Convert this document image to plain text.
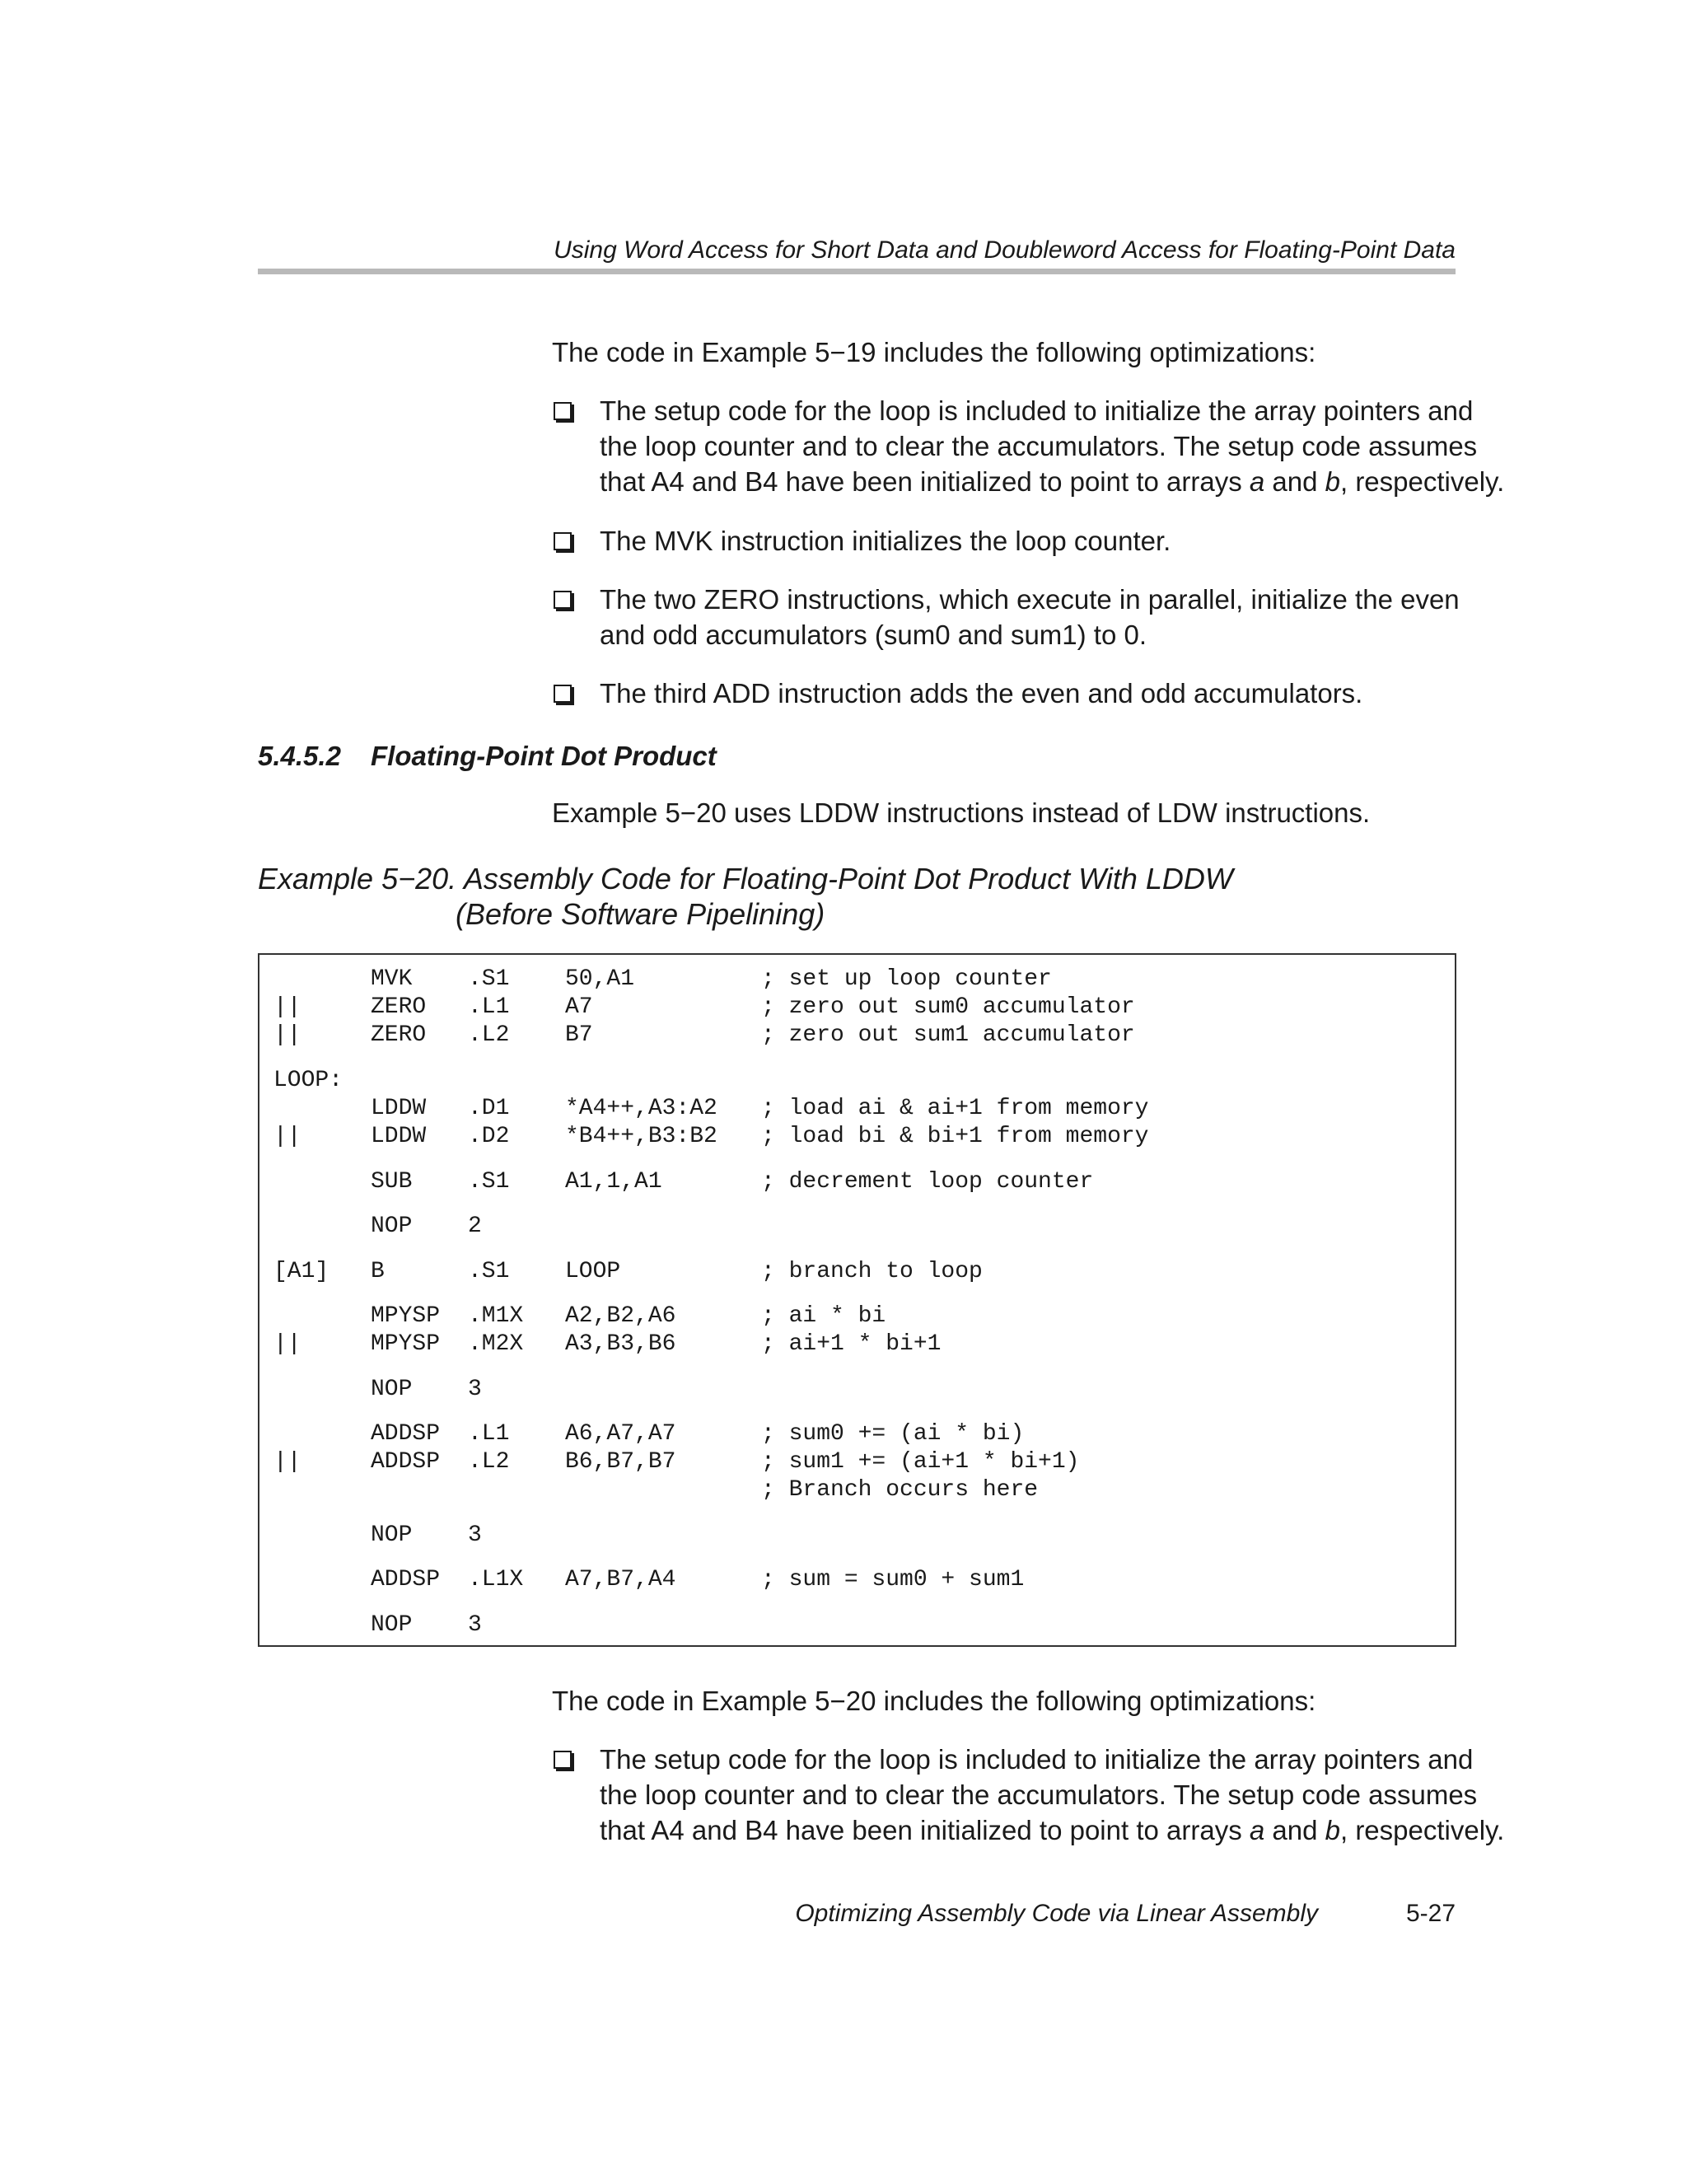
Using Word Access for Short Data and Doubleword Access for Floating-Point Data
The code in Example 5−19 includes the following optimizations:
The setup code for the loop is included to initialize the array pointers and
the loop counter and to clear the accumulators. The setup code assumes
that A4 and B4 have been initialized to point to arrays a and b, respectively.
The MVK instruction initializes the loop counter.
The two ZERO instructions, which execute in parallel, initialize the even
and odd accumulators (sum0 and sum1) to 0.
The third ADD instruction adds the even and odd accumulators.
5.4.5.2 Floating-Point Dot Product
Example 5−20 uses LDDW instructions instead of LDW instructions.
Example 5−20. Assembly Code for Floating-Point Dot Product With LDDW
(Before Software Pipelining)
MVK .S1 50,A1	; set up loop counter
||	ZERO .L1 A7	; zero out sum0 accumulator
||	ZERO .L2 B7	; zero out sum1 accumulator
LOOP:
LDDW .D1 *A4++,A3:A2 ; load ai & ai+1 from memory
||	LDDW .D2 *B4++,B3:B2 ; load bi & bi+1 from memory
SUB .S1 A1,1,A1	; decrement loop counter
NOP 2
[A1] B	.S1 LOOP	; branch to loop
MPYSP .M1X A2,B2,A6	; ai * bi
||	MPYSP .M2X A3,B3,B6	; ai+1 * bi+1
NOP 3
ADDSP .L1 A6,A7,A7	; sum0 += (ai * bi)
||	ADDSP .L2 B6,B7,B7	; sum1 += (ai+1 * bi+1)
; Branch occurs here
NOP 3
ADDSP .L1X A7,B7,A4	; sum = sum0 + sum1
NOP 3
The code in Example 5−20 includes the following optimizations:
The setup code for the loop is included to initialize the array pointers and
the loop counter and to clear the accumulators. The setup code assumes
that A4 and B4 have been initialized to point to arrays a and b, respectively.
Optimizing Assembly Code via Linear Assembly	5-27
